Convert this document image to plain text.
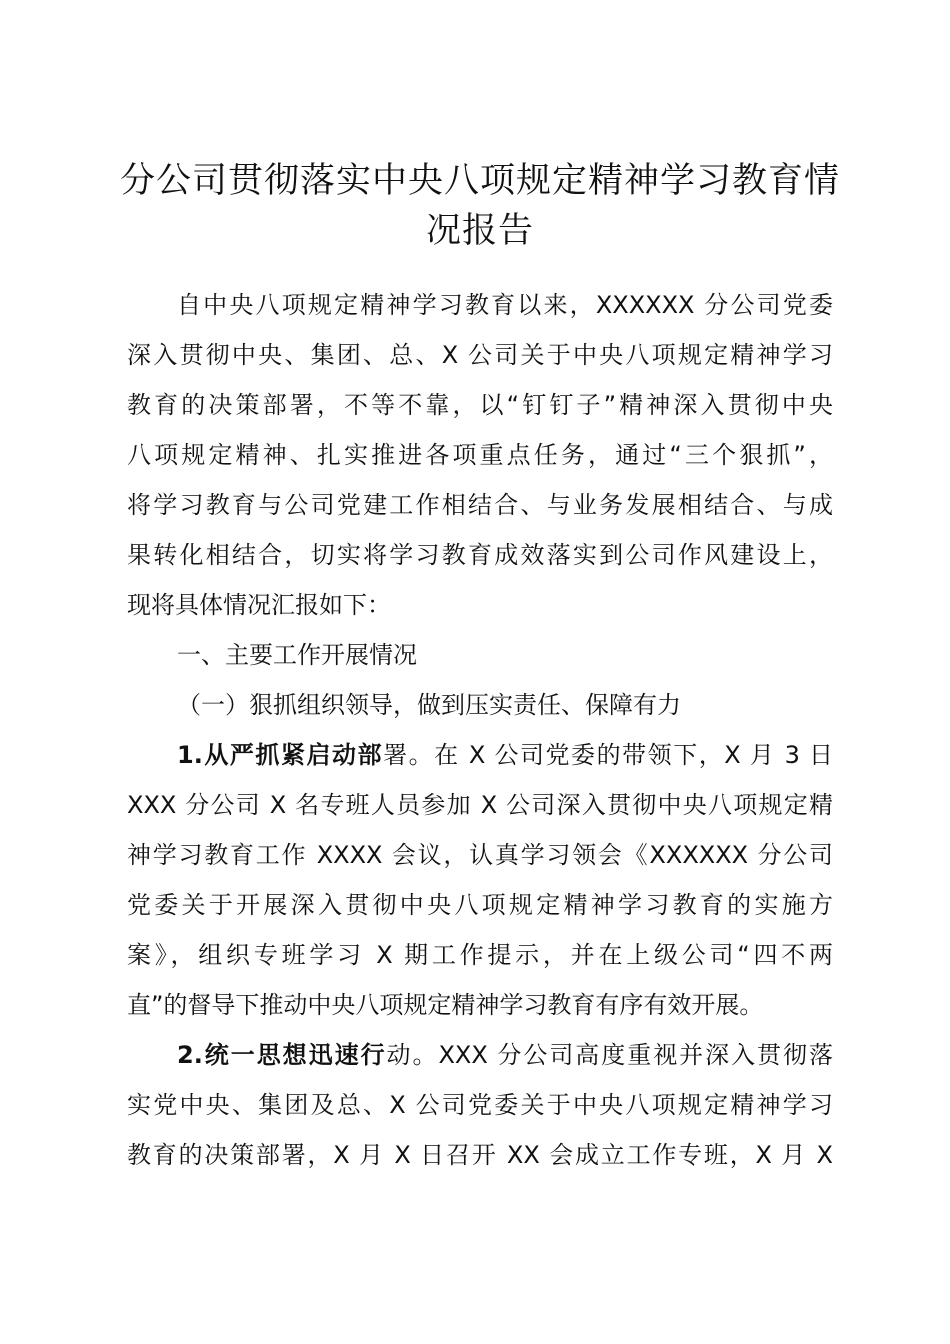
分公司贯彻落实中央八项规定精神学习教育情
况报告
自中央八项规定精神学习教育以来，XXXXXX 分公司党委
深入贯彻中央、集团、总、X 公司关于中央八项规定精神学习
教育的决策部署，不等不靠，以“钉钉子”精神深入贯彻中央
八项规定精神、扎实推进各项重点任务，通过“三个狠抓”，
将学习教育与公司党建工作相结合、与业务发展相结合、与成
果转化相结合，切实将学习教育成效落实到公司作风建设上，
现将具体情况汇报如下：
一、主要工作开展情况
（一）狠抓组织领导，做到压实责任、保障有力
1.从严抓紧启动部署。在 X 公司党委的带领下，X 月 3 日
XXX 分公司 X 名专班人员参加 X 公司深入贯彻中央八项规定精
神学习教育工作 XXXX 会议，认真学习领会《XXXXXX 分公司
党委关于开展深入贯彻中央八项规定精神学习教育的实施方
案》，组织专班学习 X 期工作提示，并在上级公司“四不两
直”的督导下推动中央八项规定精神学习教育有序有效开展。
2.统一思想迅速行动。XXX 分公司高度重视并深入贯彻落
实党中央、集团及总、X 公司党委关于中央八项规定精神学习
教育的决策部署，X 月 X 日召开 XX 会成立工作专班，X 月 X
